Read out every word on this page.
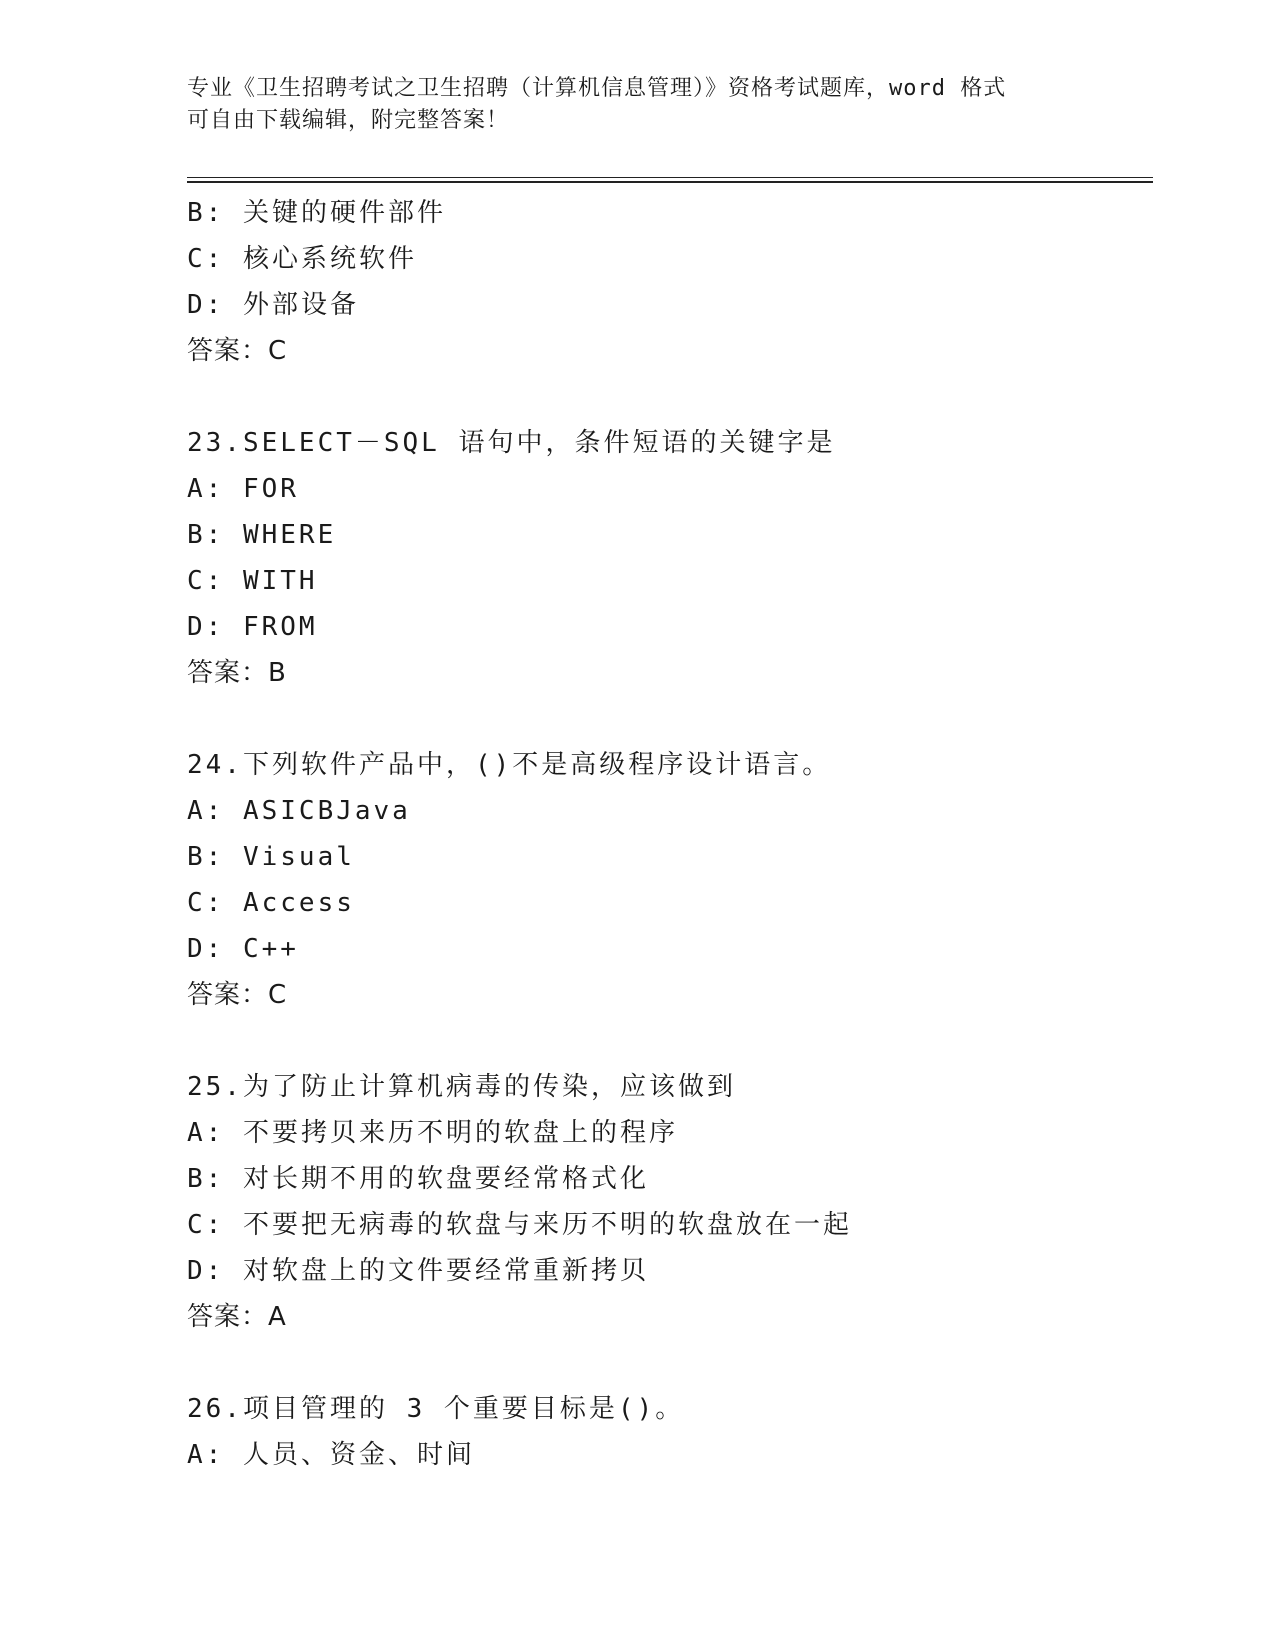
专业《卫生招聘考试之卫生招聘（计算机信息管理）》资格考试题库，word 格式
可自由下载编辑，附完整答案！
B: 关键的硬件部件
C: 核心系统软件
D: 外部设备
答案：C
23.SELECT－SQL 语句中，条件短语的关键字是
A: FOR
B: WHERE
C: WITH
D: FROM
答案：B
24.下列软件产品中，()不是高级程序设计语言。
A: ASICBJava
B: Visual
C: Access
D: C++
答案：C
25.为了防止计算机病毒的传染，应该做到
A: 不要拷贝来历不明的软盘上的程序
B: 对长期不用的软盘要经常格式化
C: 不要把无病毒的软盘与来历不明的软盘放在一起
D: 对软盘上的文件要经常重新拷贝
答案：A
26.项目管理的 3 个重要目标是()。
A: 人员、资金、时间
